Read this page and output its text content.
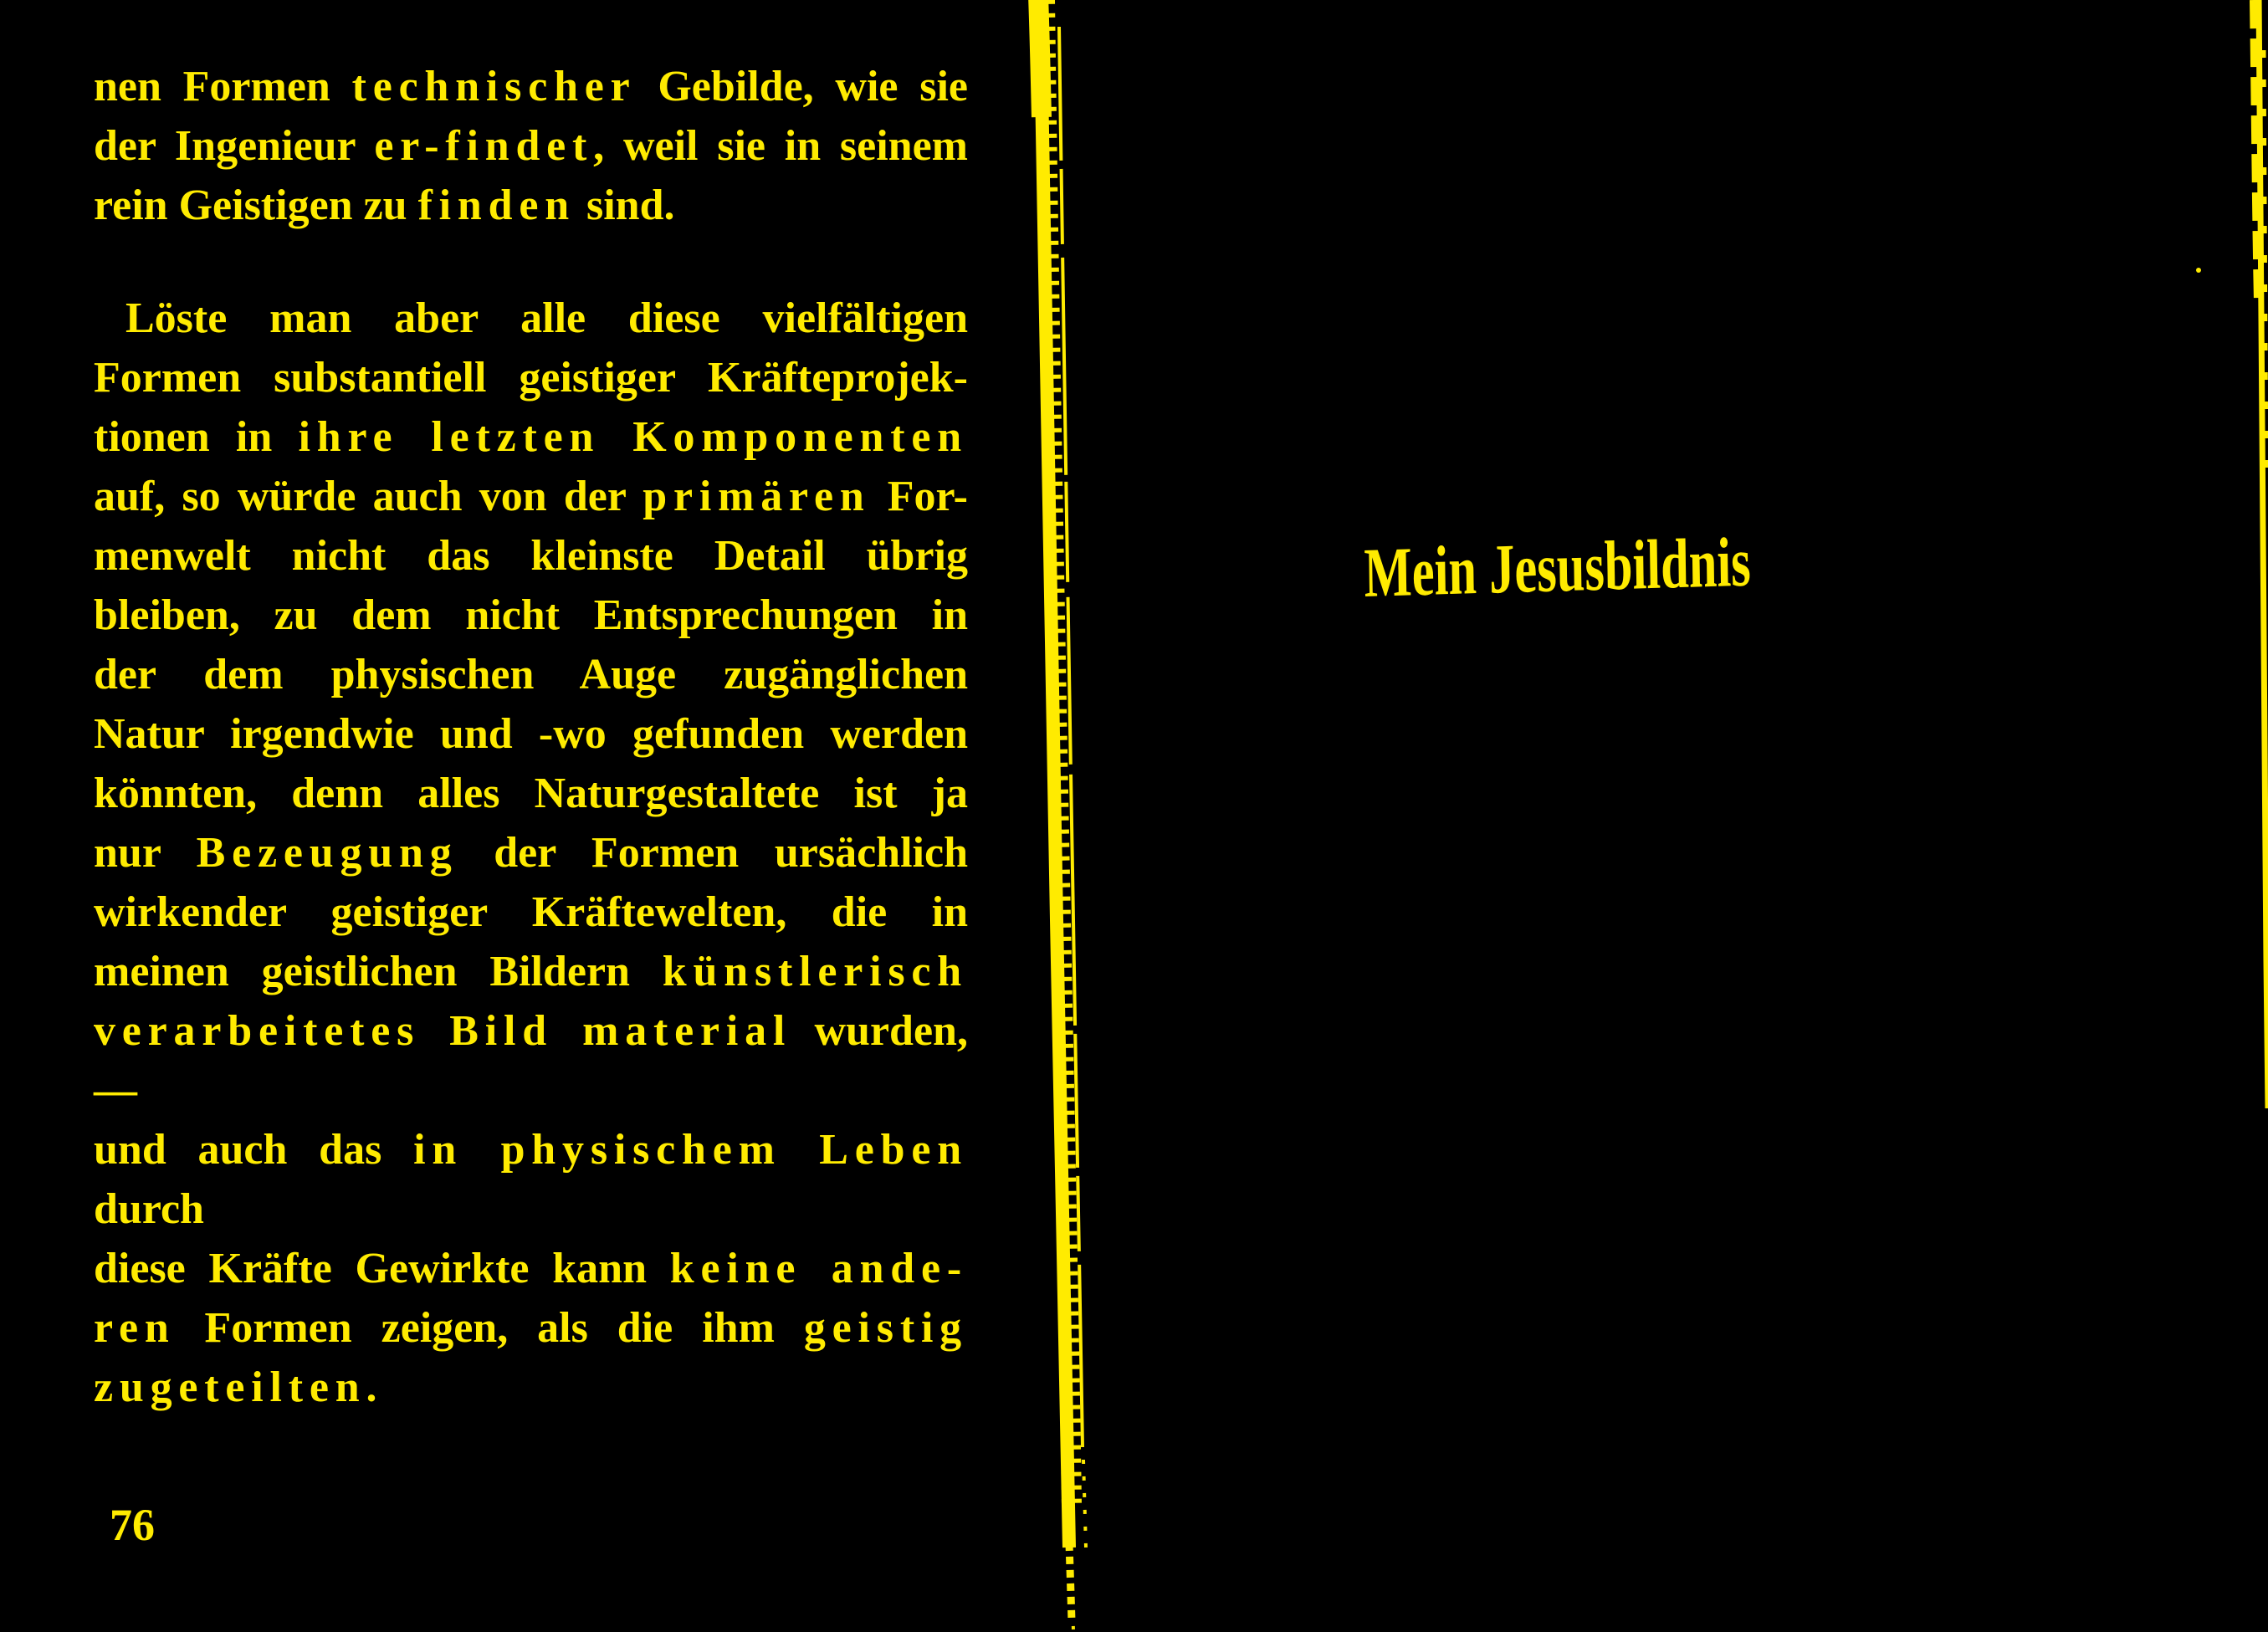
nen Formen technischer Gebilde, wie sie
der Ingenieur er-findet, weil sie in seinem
rein Geistigen zu finden sind.
Löste man aber alle diese vielfältigen
Formen substantiell geistiger Kräfteprojek-
tionen in ihre letzten Komponenten
auf, so würde auch von der primären For-
menwelt nicht das kleinste Detail übrig
bleiben, zu dem nicht Entsprechungen in
der dem physischen Auge zugänglichen
Natur irgendwie und -wo gefunden werden
könnten, denn alles Naturgestaltete ist ja
nur Bezeugung der Formen ursächlich
wirkender geistiger Kräftewelten, die in
meinen geistlichen Bildern künstlerisch
verarbeitetes Bild material wurden, —
und auch das in physischem Leben durch
diese Kräfte Gewirkte kann keine ande-
ren Formen zeigen, als die ihm geistig
zugeteilten.
76
Mein Jesusbildnis
